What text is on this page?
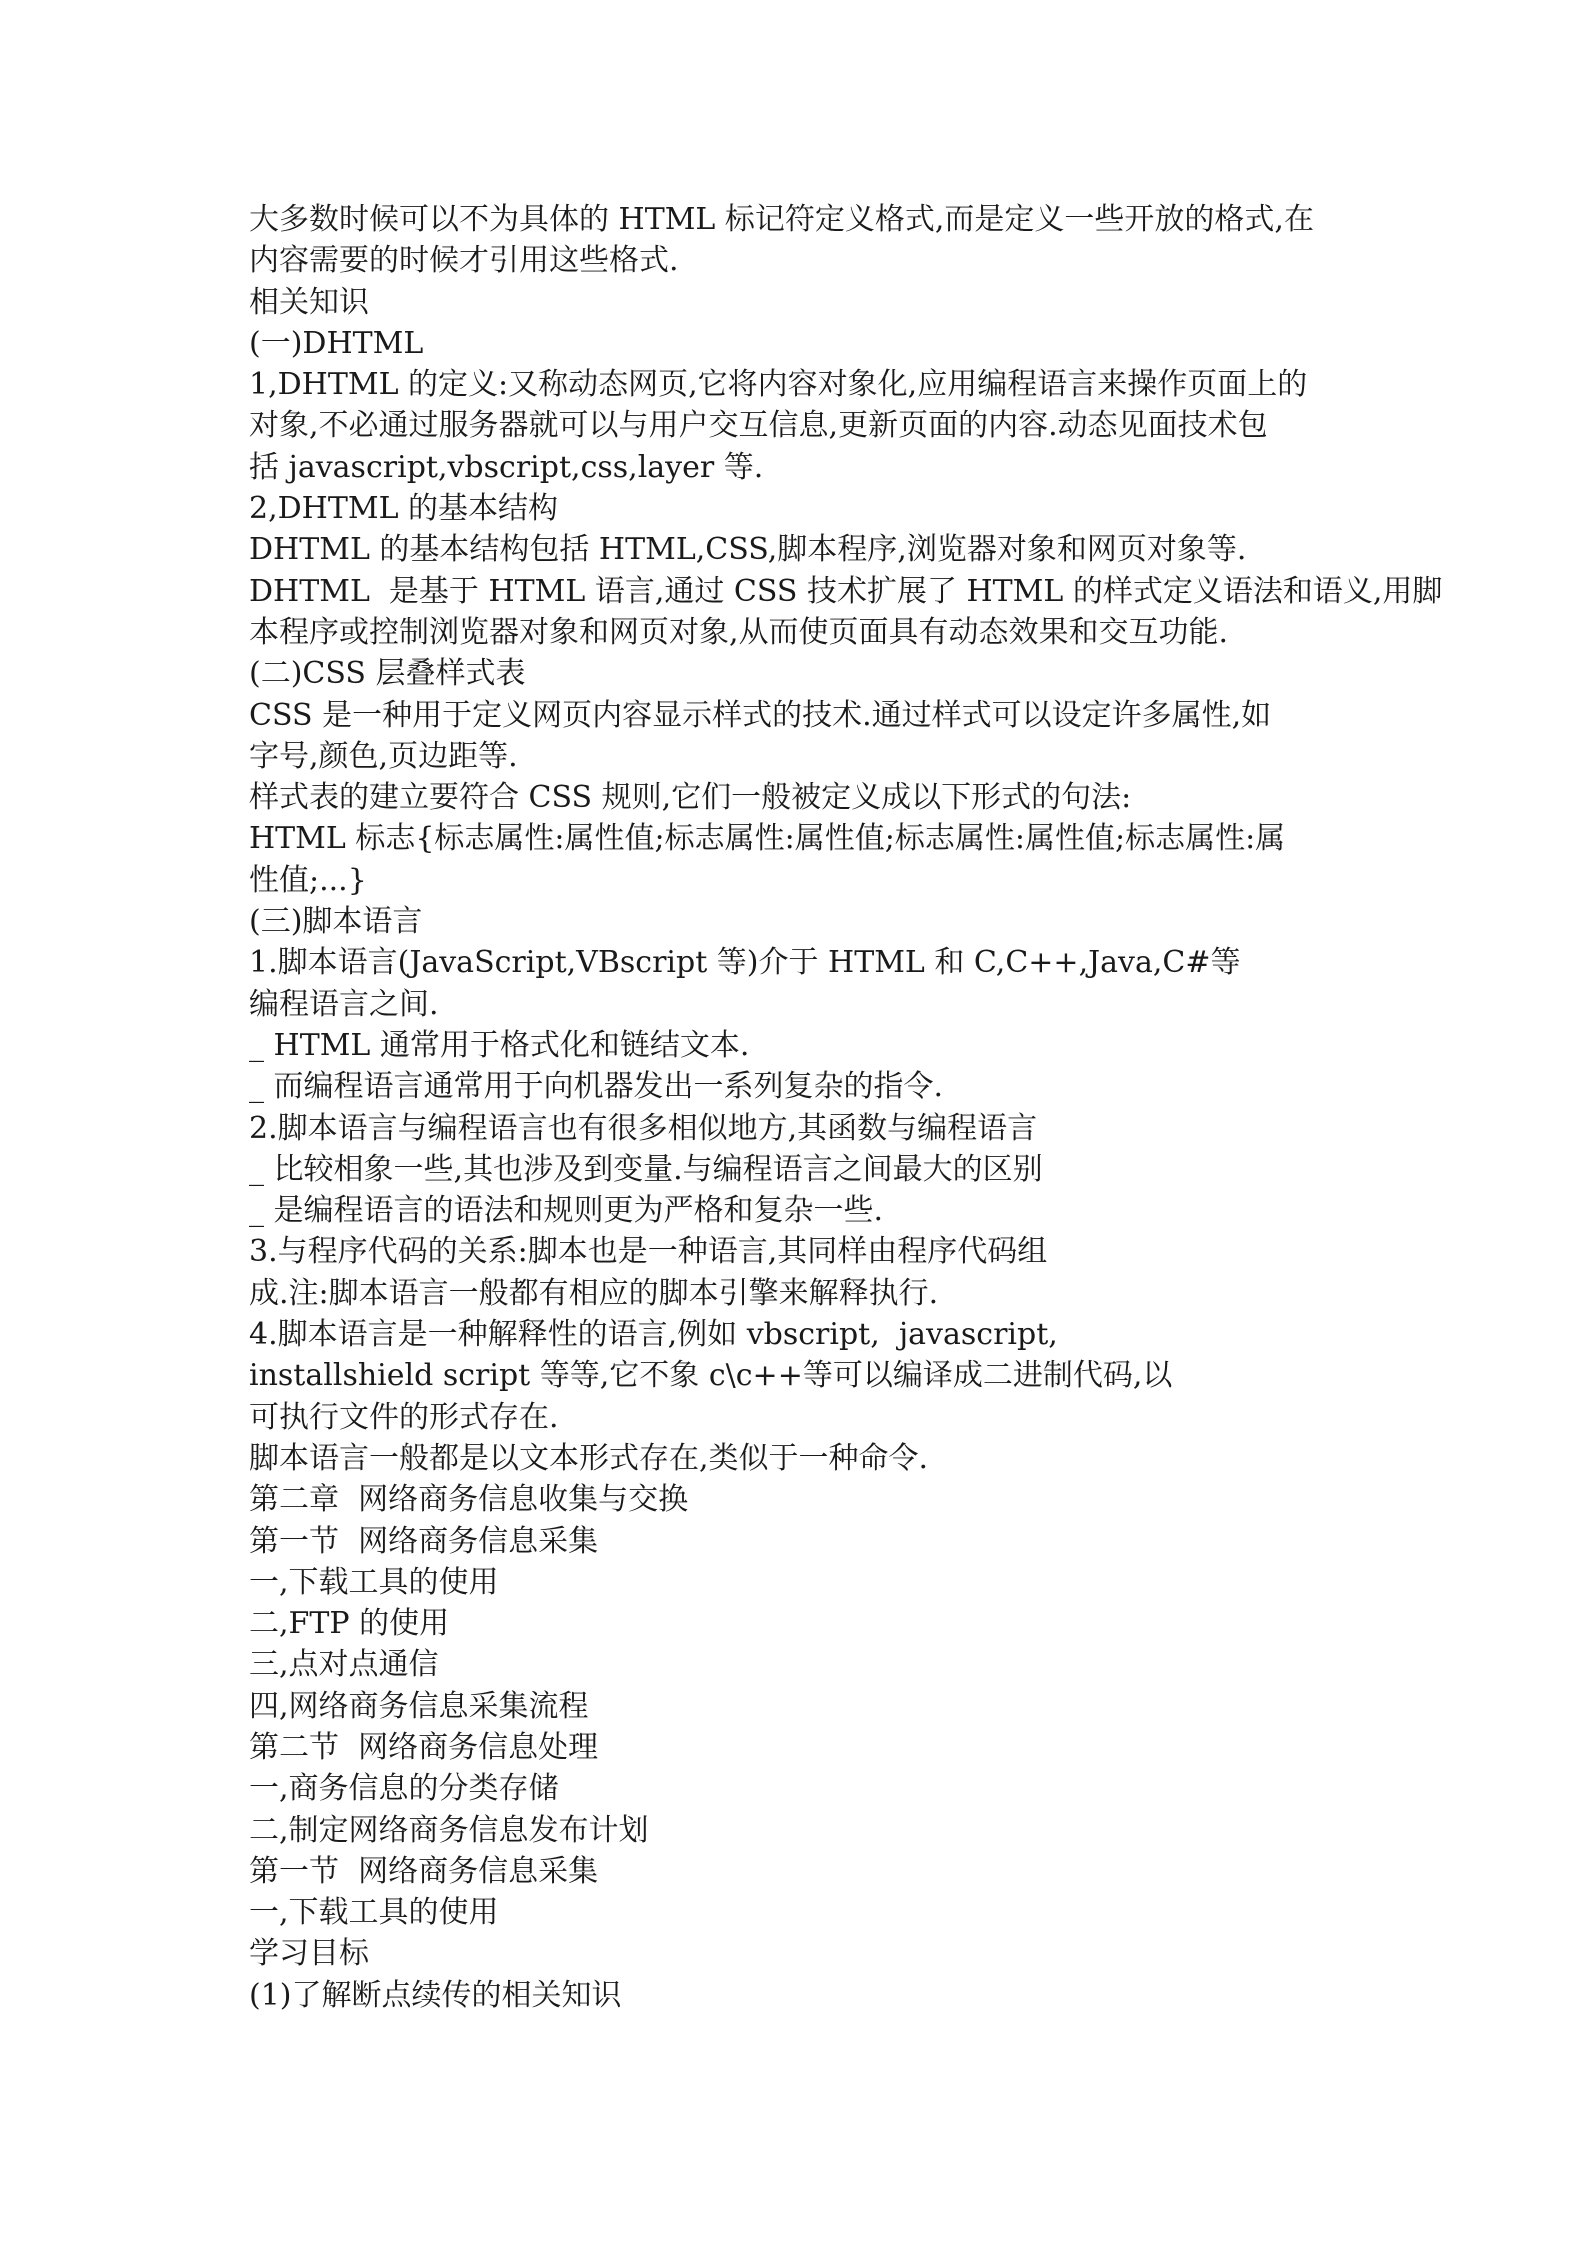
大多数时候可以不为具体的 HTML 标记符定义格式,而是定义一些开放的格式,在
内容需要的时候才引用这些格式.
相关知识
(一)DHTML
1,DHTML 的定义:又称动态网页,它将内容对象化,应用编程语言来操作页面上的
对象,不必通过服务器就可以与用户交互信息,更新页面的内容.动态见面技术包
括 javascript,vbscript,css,layer 等.
2,DHTML 的基本结构
DHTML 的基本结构包括 HTML,CSS,脚本程序,浏览器对象和网页对象等.
DHTML  是基于 HTML 语言,通过 CSS 技术扩展了 HTML 的样式定义语法和语义,用脚
本程序或控制浏览器对象和网页对象,从而使页面具有动态效果和交互功能.
(二)CSS 层叠样式表
CSS 是一种用于定义网页内容显示样式的技术.通过样式可以设定许多属性,如
字号,颜色,页边距等.
样式表的建立要符合 CSS 规则,它们一般被定义成以下形式的句法:
HTML 标志{标志属性:属性值;标志属性:属性值;标志属性:属性值;标志属性:属
性值;...}
(三)脚本语言
1.脚本语言(JavaScript,VBscript 等)介于 HTML 和 C,C++,Java,C#等
编程语言之间.
_ HTML 通常用于格式化和链结文本.
_ 而编程语言通常用于向机器发出一系列复杂的指令.
2.脚本语言与编程语言也有很多相似地方,其函数与编程语言
_ 比较相象一些,其也涉及到变量.与编程语言之间最大的区别
_ 是编程语言的语法和规则更为严格和复杂一些.
3.与程序代码的关系:脚本也是一种语言,其同样由程序代码组
成.注:脚本语言一般都有相应的脚本引擎来解释执行.
4.脚本语言是一种解释性的语言,例如 vbscript,  javascript,
installshield script 等等,它不象 c\c++等可以编译成二进制代码,以
可执行文件的形式存在.
脚本语言一般都是以文本形式存在,类似于一种命令.
第二章  网络商务信息收集与交换
第一节  网络商务信息采集
一,下载工具的使用
二,FTP 的使用
三,点对点通信
四,网络商务信息采集流程
第二节  网络商务信息处理
一,商务信息的分类存储
二,制定网络商务信息发布计划
第一节  网络商务信息采集
一,下载工具的使用
学习目标
(1)了解断点续传的相关知识
